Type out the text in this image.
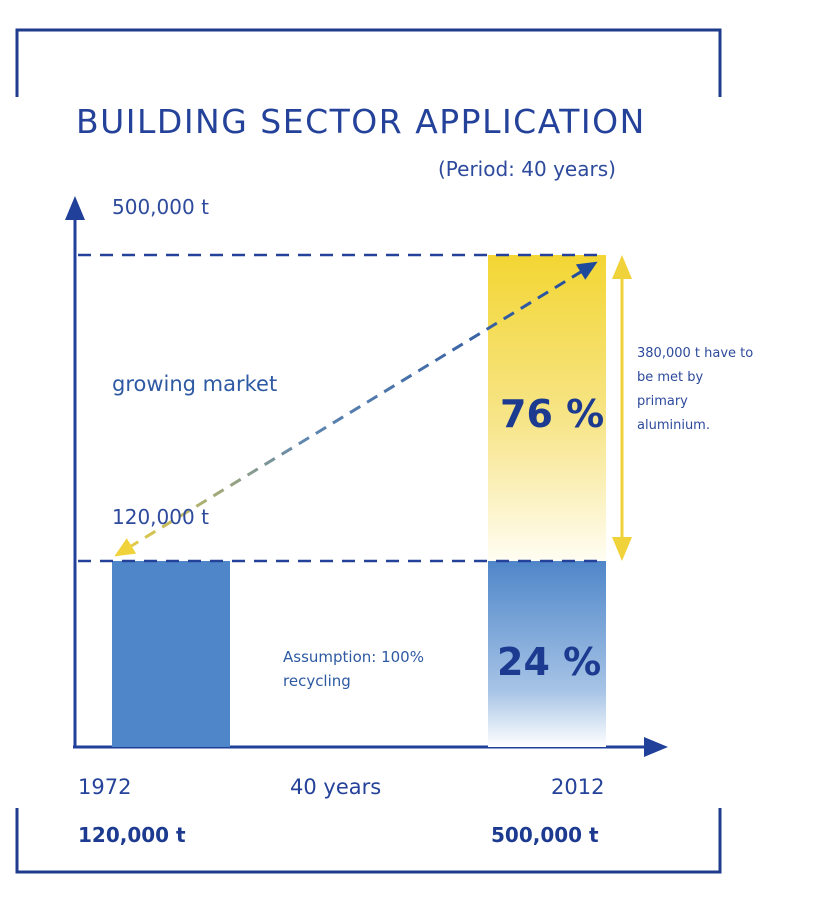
BUILDING SECTOR APPLICATION
(Period: 40 years)
500,000 t
120,000 t
growing market
Assumption: 100% recycling
380,000 t have to be met by primary aluminium.
76 %
24 %
1972	40 years	2012
120,000 t	500,000 t
